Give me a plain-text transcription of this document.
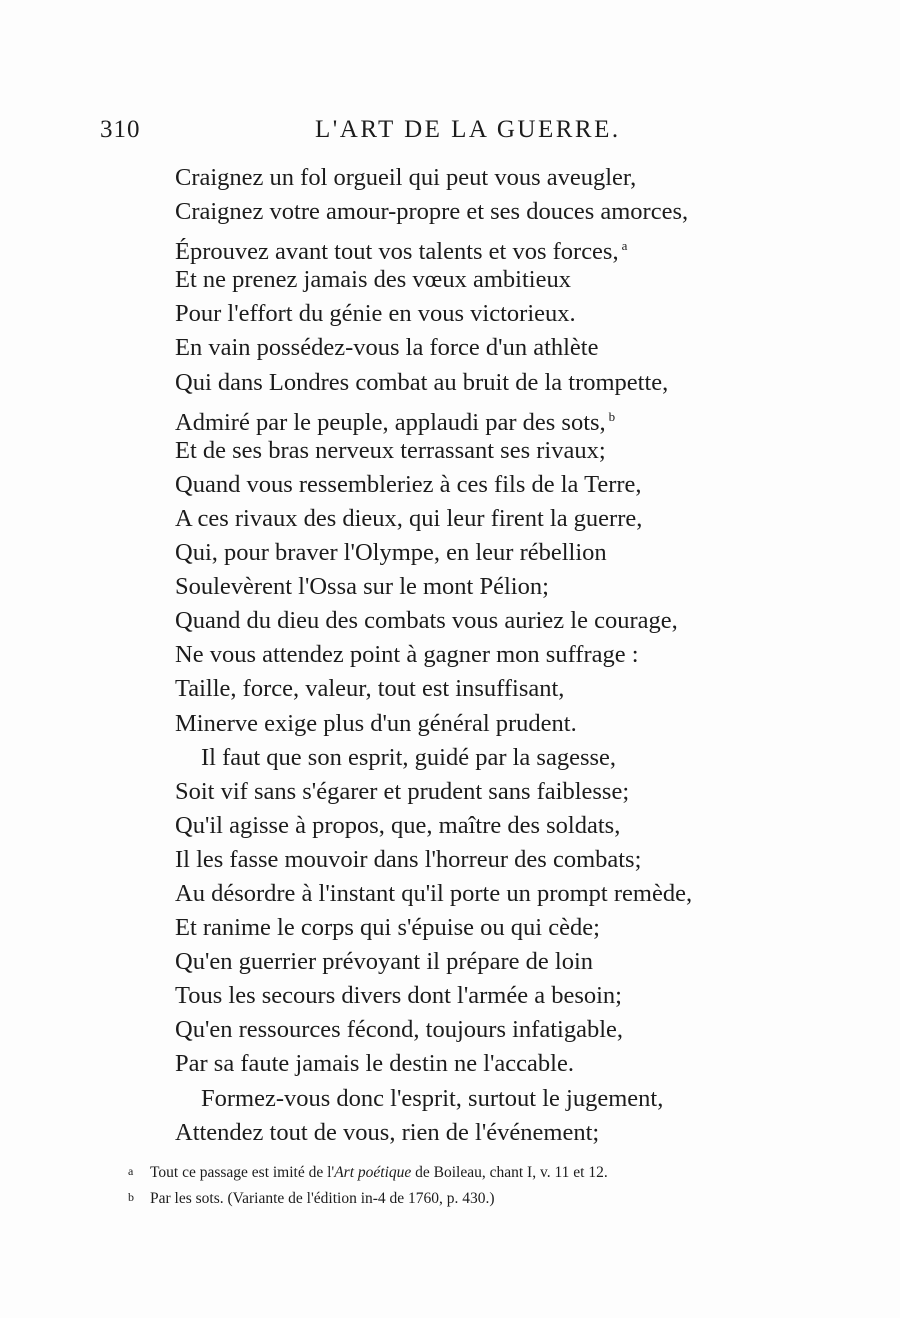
310	L'ART DE LA GUERRE.
Craignez un fol orgueil qui peut vous aveugler,
Craignez votre amour-propre et ses douces amorces,
Éprouvez avant tout vos talents et vos forces, $^a$
Et ne prenez jamais des vœux ambitieux
Pour l'effort du génie en vous victorieux.
En vain possédez-vous la force d'un athlète
Qui dans Londres combat au bruit de la trompette,
Admiré par le peuple, applaudi par des sots, $^b$
Et de ses bras nerveux terrassant ses rivaux;
Quand vous ressembleriez à ces fils de la Terre,
A ces rivaux des dieux, qui leur firent la guerre,
Qui, pour braver l'Olympe, en leur rébellion
Soulevèrent l'Ossa sur le mont Pélion;
Quand du dieu des combats vous auriez le courage,
Ne vous attendez point à gagner mon suffrage :
Taille, force, valeur, tout est insuffisant,
Minerve exige plus d'un général prudent.
Il faut que son esprit, guidé par la sagesse,
Soit vif sans s'égarer et prudent sans faiblesse;
Qu'il agisse à propos, que, maître des soldats,
Il les fasse mouvoir dans l'horreur des combats;
Au désordre à l'instant qu'il porte un prompt remède,
Et ranime le corps qui s'épuise ou qui cède;
Qu'en guerrier prévoyant il prépare de loin
Tous les secours divers dont l'armée a besoin;
Qu'en ressources fécond, toujours infatigable,
Par sa faute jamais le destin ne l'accable.
Formez-vous donc l'esprit, surtout le jugement,
Attendez tout de vous, rien de l'événement;
a Tout ce passage est imité de l'Art poétique de Boileau, chant I, v. 11 et 12.
b Par les sots. (Variante de l'édition in-4 de 1760, p. 430.)
